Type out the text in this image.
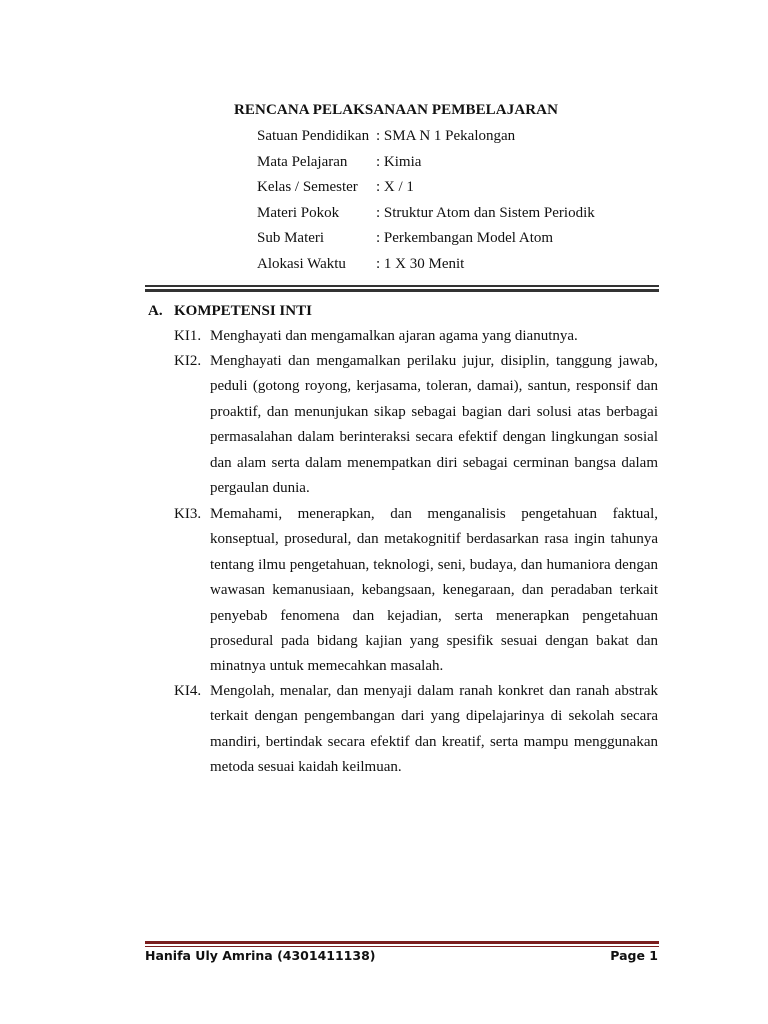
RENCANA PELAKSANAAN PEMBELAJARAN
Satuan Pendidikan : SMA N 1 Pekalongan
Mata Pelajaran : Kimia
Kelas / Semester : X / 1
Materi Pokok : Struktur Atom dan Sistem Periodik
Sub Materi	: Perkembangan Model Atom
Alokasi Waktu : 1 X 30 Menit
A. KOMPETENSI INTI
KI1. Menghayati dan mengamalkan ajaran agama yang dianutnya.
KI2. Menghayati dan mengamalkan perilaku jujur, disiplin, tanggung jawab, peduli (gotong royong, kerjasama, toleran, damai), santun, responsif dan proaktif, dan menunjukan sikap sebagai bagian dari solusi atas berbagai permasalahan dalam berinteraksi secara efektif dengan lingkungan sosial dan alam serta dalam menempatkan diri sebagai cerminan bangsa dalam pergaulan dunia.
KI3. Memahami, menerapkan, dan menganalisis pengetahuan faktual, konseptual, prosedural, dan metakognitif berdasarkan rasa ingin tahunya tentang ilmu pengetahuan, teknologi, seni, budaya, dan humaniora dengan wawasan kemanusiaan, kebangsaan, kenegaraan, dan peradaban terkait penyebab fenomena dan kejadian, serta menerapkan pengetahuan prosedural pada bidang kajian yang spesifik sesuai dengan bakat dan minatnya untuk memecahkan masalah.
KI4. Mengolah, menalar, dan menyaji dalam ranah konkret dan ranah abstrak terkait dengan pengembangan dari yang dipelajarinya di sekolah secara mandiri, bertindak secara efektif dan kreatif, serta mampu menggunakan metoda sesuai kaidah keilmuan.
Hanifa Uly Amrina (4301411138)	Page 1
